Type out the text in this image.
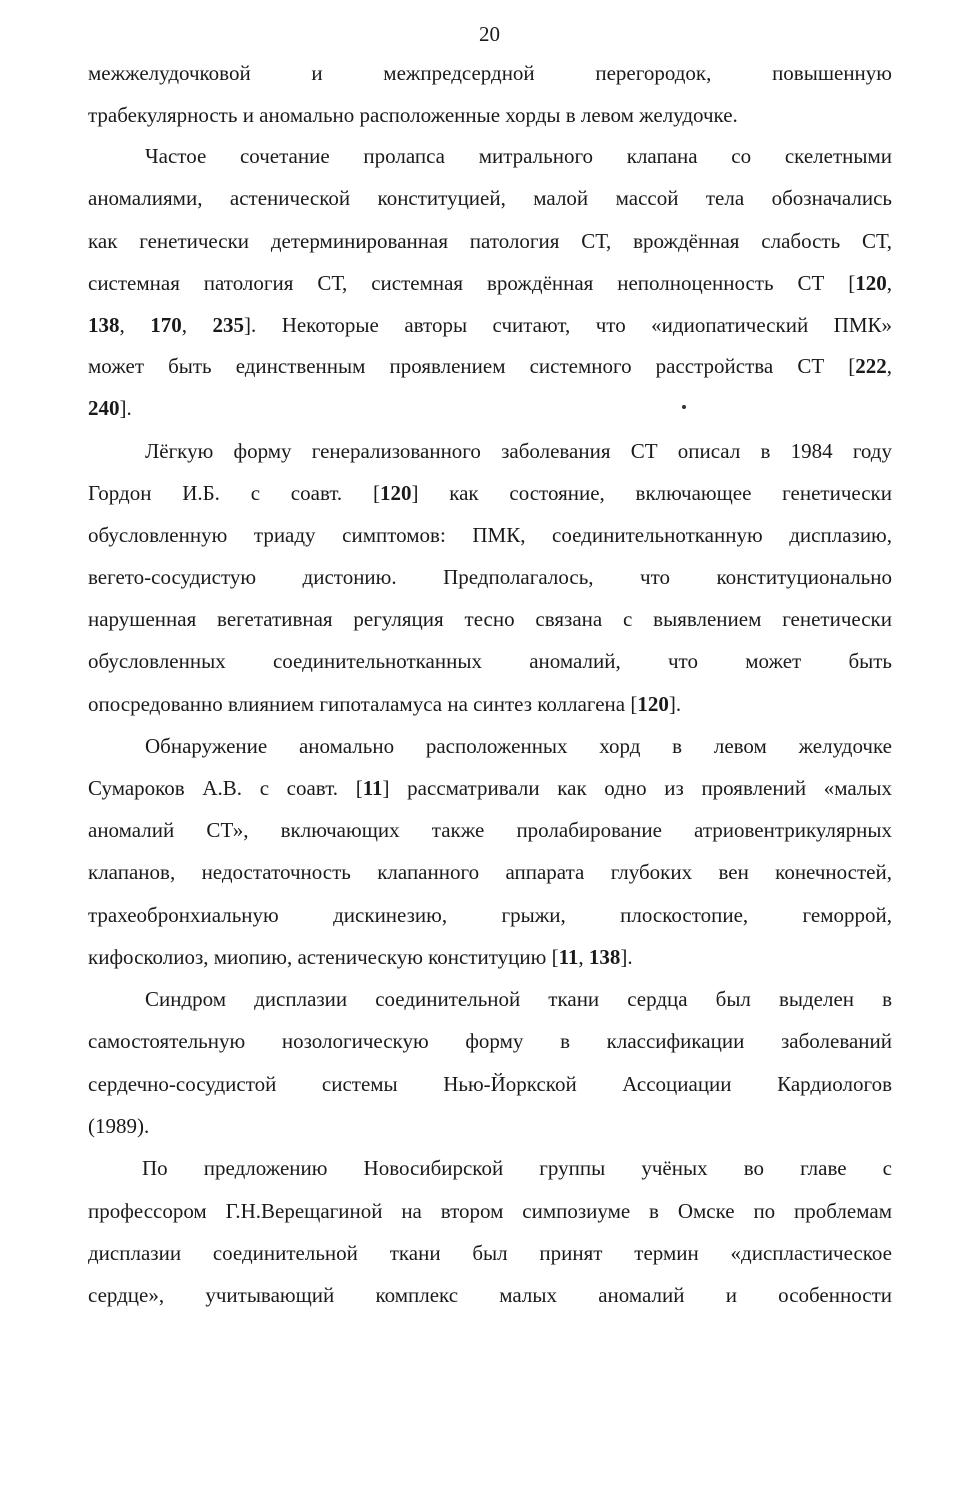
20
межжелудочковой и межпредсердной перегородок, повышенную
трабекулярность и аномально расположенные хорды в левом желудочке.
Частое сочетание пролапса митрального клапана со скелетными
аномалиями, астенической конституцией, малой массой тела обозначались
как генетически детерминированная патология СТ, врождённая слабость СТ,
системная патология СТ, системная врождённая неполноценность СТ [120,
138, 170, 235]. Некоторые авторы считают, что «идиопатический ПМК»
может быть единственным проявлением системного расстройства СТ [222,
240].
Лёгкую форму генерализованного заболевания СТ описал в 1984 году
Гордон И.Б. с соавт. [120] как состояние, включающее генетически
обусловленную триаду симптомов: ПМК, соединительнотканную дисплазию,
вегето-сосудистую дистонию. Предполагалось, что конституционально
нарушенная вегетативная регуляция тесно связана с выявлением генетически
обусловленных соединительнотканных аномалий, что может быть
опосредованно влиянием гипоталамуса на синтез коллагена [120].
Обнаружение аномально расположенных хорд в левом желудочке
Сумароков А.В. с соавт. [11] рассматривали как одно из проявлений «малых
аномалий СТ», включающих также пролабирование атриовентрикулярных
клапанов, недостаточность клапанного аппарата глубоких вен конечностей,
трахеобронхиальную дискинезию, грыжи, плоскостопие, геморрой,
кифосколиоз, миопию, астеническую конституцию [11, 138].
Синдром дисплазии соединительной ткани сердца был выделен в
самостоятельную нозологическую форму в классификации заболеваний
сердечно-сосудистой системы Нью-Йоркской Ассоциации Кардиологов
(1989).
По предложению Новосибирской группы учёных во главе с
профессором Г.Н.Верещагиной на втором симпозиуме в Омске по проблемам
дисплазии соединительной ткани был принят термин «диспластическое
сердце», учитывающий комплекс малых аномалий и особенности
